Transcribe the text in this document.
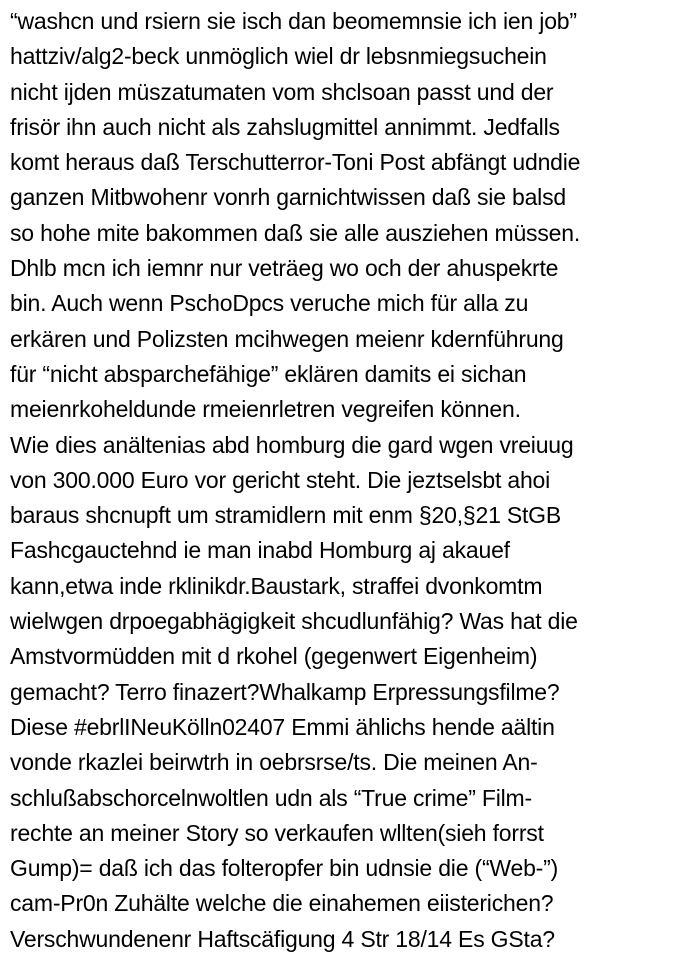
“washcn und rsiern sie isch dan beomemnsie ich ien job”
hattziv/alg2-beck unmöglich wiel dr lebsnmiegsuchein
nicht ijden müszatumaten vom shclsoan passt und der
frisör ihn auch nicht als zahslugmittel annimmt. Jedfalls
komt heraus daß Terschutterror-Toni Post abfängt udndie
ganzen Mitbwohenr vonrh garnichtwissen daß sie balsd
so hohe mite bakommen daß sie alle ausziehen müssen.
Dhlb mcn ich iemnr nur veträeg wo och der ahuspekrte
bin. Auch wenn PschoDpcs veruche mich für alla zu
erkären und Polizsten mcihwegen meienr kdernführung
für “nicht absparchefähige” eklären damits ei sichan
meienrkoheldunde rmeienrletren vegreifen können.
Wie dies anältenias abd homburg die gard wgen vreiuug
von 300.000 Euro vor gericht steht. Die jeztselsbt ahoi
baraus shcnupft um stramidlern mit enm §20,§21 StGB
Fashcgauctehnd ie man inabd Homburg aj akauef
kann,etwa inde rklinikdr.Baustark, straffei dvonkomtm
wielwgen drpoegabhägigkeit shcudlunfähig? Was hat die
Amstvormüdden mit d rkohel (gegenwert Eigenheim)
gemacht? Terro finazert?Whalkamp Erpressungsfilme?
Diese #ebrlINeuKölln02407 Emmi ählichs hende aältin
vonde rkazlei beirwtrh in oebrsrse/ts. Die meinen An-
schlußabschorcelnwoltlen udn als “True crime” Film-
rechte an meiner Story so verkaufen wllten(sieh forrst
Gump)= daß ich das folteropfer bin udnsie die (“Web-”)
cam-Pr0n Zuhälte welche die einahemen eiisterichen?
Verschwundenenr Haftscäfigung 4 Str 18/14 Es GSta?
